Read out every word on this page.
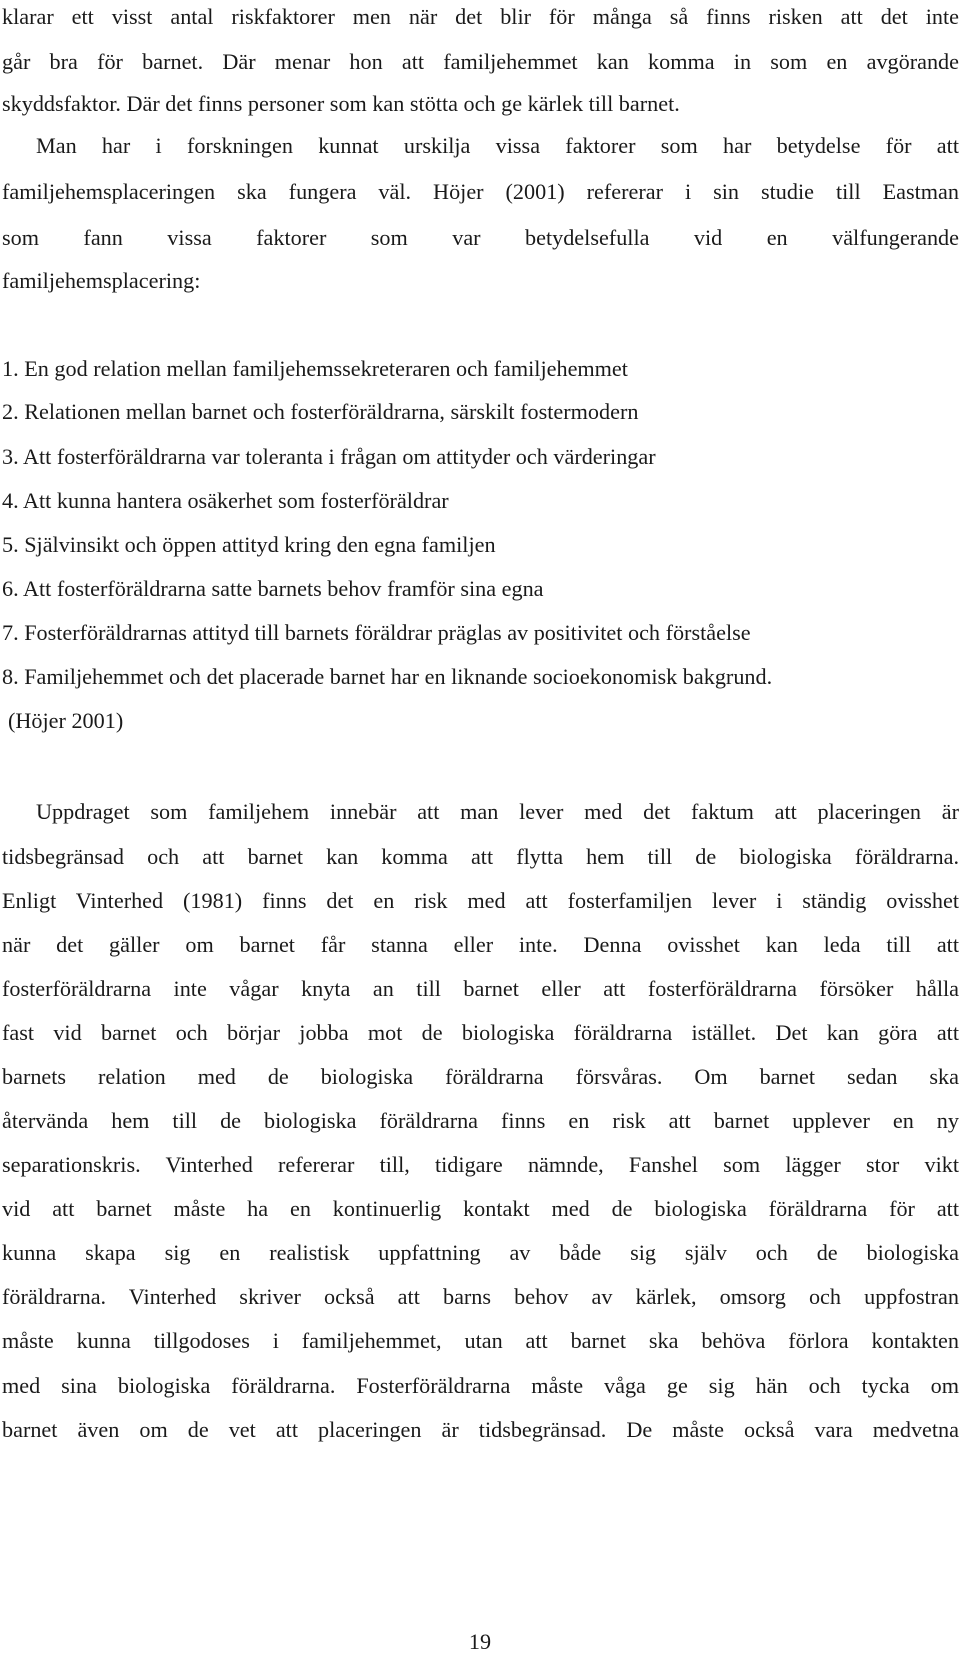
klarar ett visst antal riskfaktorer men när det blir för många så finns risken att det inte
går bra för barnet. Där menar hon att familjehemmet kan komma in som en avgörande
skyddsfaktor. Där det finns personer som kan stötta och ge kärlek till barnet.
Man har i forskningen kunnat urskilja vissa faktorer som har betydelse för att
familjehemsplaceringen ska fungera väl. Höjer (2001) refererar i sin studie till Eastman
som fann vissa faktorer som var betydelsefulla vid en välfungerande
familjehemsplacering:
1. En god relation mellan familjehemssekreteraren och familjehemmet
2. Relationen mellan barnet och fosterföräldrarna, särskilt fostermodern
3. Att fosterföräldrarna var toleranta i frågan om attityder och värderingar
4. Att kunna hantera osäkerhet som fosterföräldrar
5. Självinsikt och öppen attityd kring den egna familjen
6. Att fosterföräldrarna satte barnets behov framför sina egna
7. Fosterföräldrarnas attityd till barnets föräldrar präglas av positivitet och förståelse
8. Familjehemmet och det placerade barnet har en liknande socioekonomisk bakgrund.
(Höjer 2001)
Uppdraget som familjehem innebär att man lever med det faktum att placeringen är
tidsbegränsad och att barnet kan komma att flytta hem till de biologiska föräldrarna.
Enligt Vinterhed (1981) finns det en risk med att fosterfamiljen lever i ständig ovisshet
när det gäller om barnet får stanna eller inte. Denna ovisshet kan leda till att
fosterföräldrarna inte vågar knyta an till barnet eller att fosterföräldrarna försöker hålla
fast vid barnet och börjar jobba mot de biologiska föräldrarna istället. Det kan göra att
barnets relation med de biologiska föräldrarna försvåras. Om barnet sedan ska
återvända hem till de biologiska föräldrarna finns en risk att barnet upplever en ny
separationskris. Vinterhed refererar till, tidigare nämnde, Fanshel som lägger stor vikt
vid att barnet måste ha en kontinuerlig kontakt med de biologiska föräldrarna för att
kunna skapa sig en realistisk uppfattning av både sig själv och de biologiska
föräldrarna. Vinterhed skriver också att barns behov av kärlek, omsorg och uppfostran
måste kunna tillgodoses i familjehemmet, utan att barnet ska behöva förlora kontakten
med sina biologiska föräldrarna. Fosterföräldrarna måste våga ge sig hän och tycka om
barnet även om de vet att placeringen är tidsbegränsad. De måste också vara medvetna
19
